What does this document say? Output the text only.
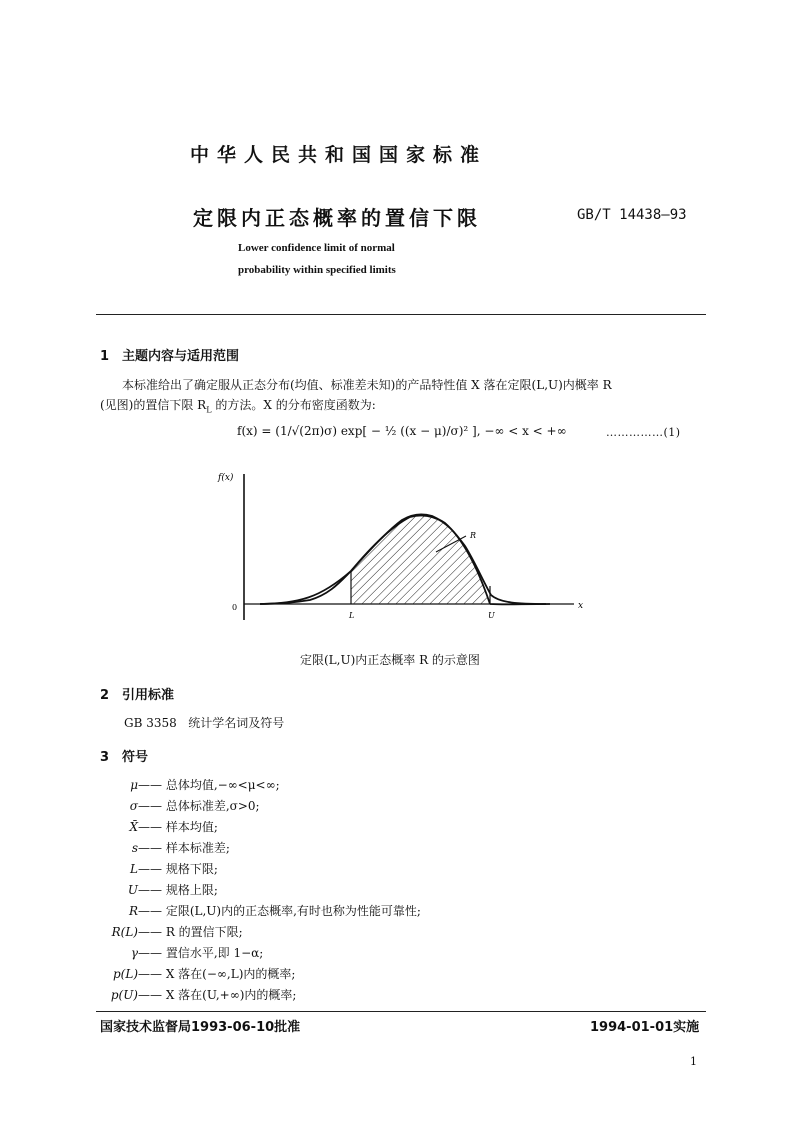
中华人民共和国国家标准
定限内正态概率的置信下限	GB/T 14438—93
Lower confidence limit of normal
probability within specified limits
1 主题内容与适用范围
本标准给出了确定服从正态分布(均值、标准差未知)的产品特性值 X 落在定限(L,U)内概率 R
(见图)的置信下限 $R_L$ 的方法。X 的分布密度函数为:
f(x) = (1/√(2π)σ) exp[ − ½ ((x − μ)/σ)² ], −∞ < x < +∞	……………(1)
f(x)
x
0
L	U
R
定限(L,U)内正态概率 R 的示意图
2 引用标准
GB 3358   统计学名词及符号
3 符号
μ—— 总体均值,−∞<μ<∞;
σ—— 总体标准差,σ>0;
X̄—— 样本均值;
s—— 样本标准差;
L—— 规格下限;
U—— 规格上限;
R—— 定限(L,U)内的正态概率,有时也称为性能可靠性;
R(L)—— R 的置信下限;
γ—— 置信水平,即 1−α;
p(L)—— X 落在(−∞,L)内的概率;
p(U)—— X 落在(U,+∞)内的概率;
国家技术监督局1993-06-10批准	1994-01-01实施
1
